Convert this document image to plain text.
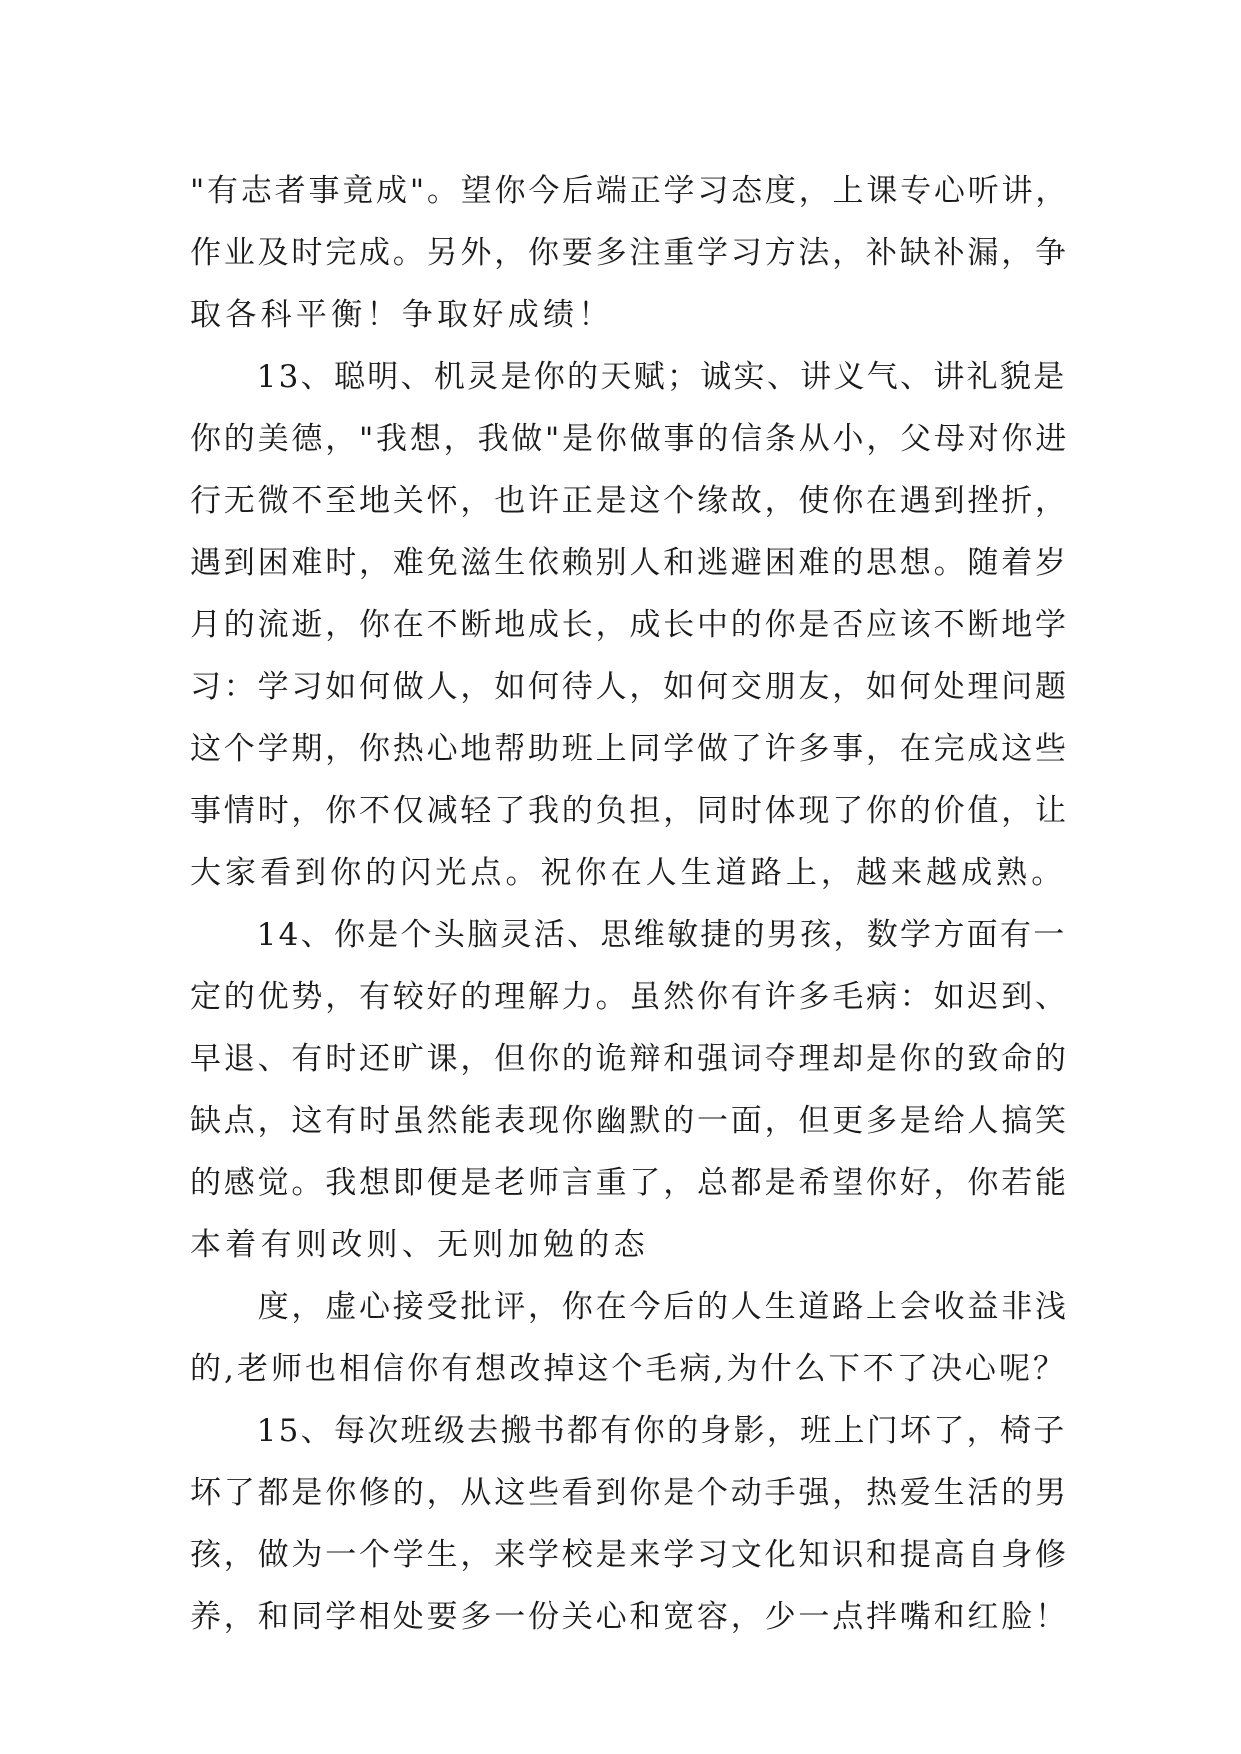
"有志者事竟成"。望你今后端正学习态度，上课专心听讲，
作业及时完成。另外，你要多注重学习方法，补缺补漏，争
取各科平衡！争取好成绩！
　　13、聪明、机灵是你的天赋；诚实、讲义气、讲礼貌是
你的美德，"我想，我做"是你做事的信条从小，父母对你进
行无微不至地关怀，也许正是这个缘故，使你在遇到挫折，
遇到困难时，难免滋生依赖别人和逃避困难的思想。随着岁
月的流逝，你在不断地成长，成长中的你是否应该不断地学
习：学习如何做人，如何待人，如何交朋友，如何处理问题
这个学期，你热心地帮助班上同学做了许多事，在完成这些
事情时，你不仅减轻了我的负担，同时体现了你的价值，让
大家看到你的闪光点。祝你在人生道路上，越来越成熟。
　　14、你是个头脑灵活、思维敏捷的男孩，数学方面有一
定的优势，有较好的理解力。虽然你有许多毛病：如迟到、
早退、有时还旷课，但你的诡辩和强词夺理却是你的致命的
缺点，这有时虽然能表现你幽默的一面，但更多是给人搞笑
的感觉。我想即便是老师言重了，总都是希望你好，你若能
本着有则改则、无则加勉的态
　　度，虚心接受批评，你在今后的人生道路上会收益非浅
的,老师也相信你有想改掉这个毛病,为什么下不了决心呢？
　　15、每次班级去搬书都有你的身影，班上门坏了，椅子
坏了都是你修的，从这些看到你是个动手强，热爱生活的男
孩，做为一个学生，来学校是来学习文化知识和提高自身修
养，和同学相处要多一份关心和宽容，少一点拌嘴和红脸！
